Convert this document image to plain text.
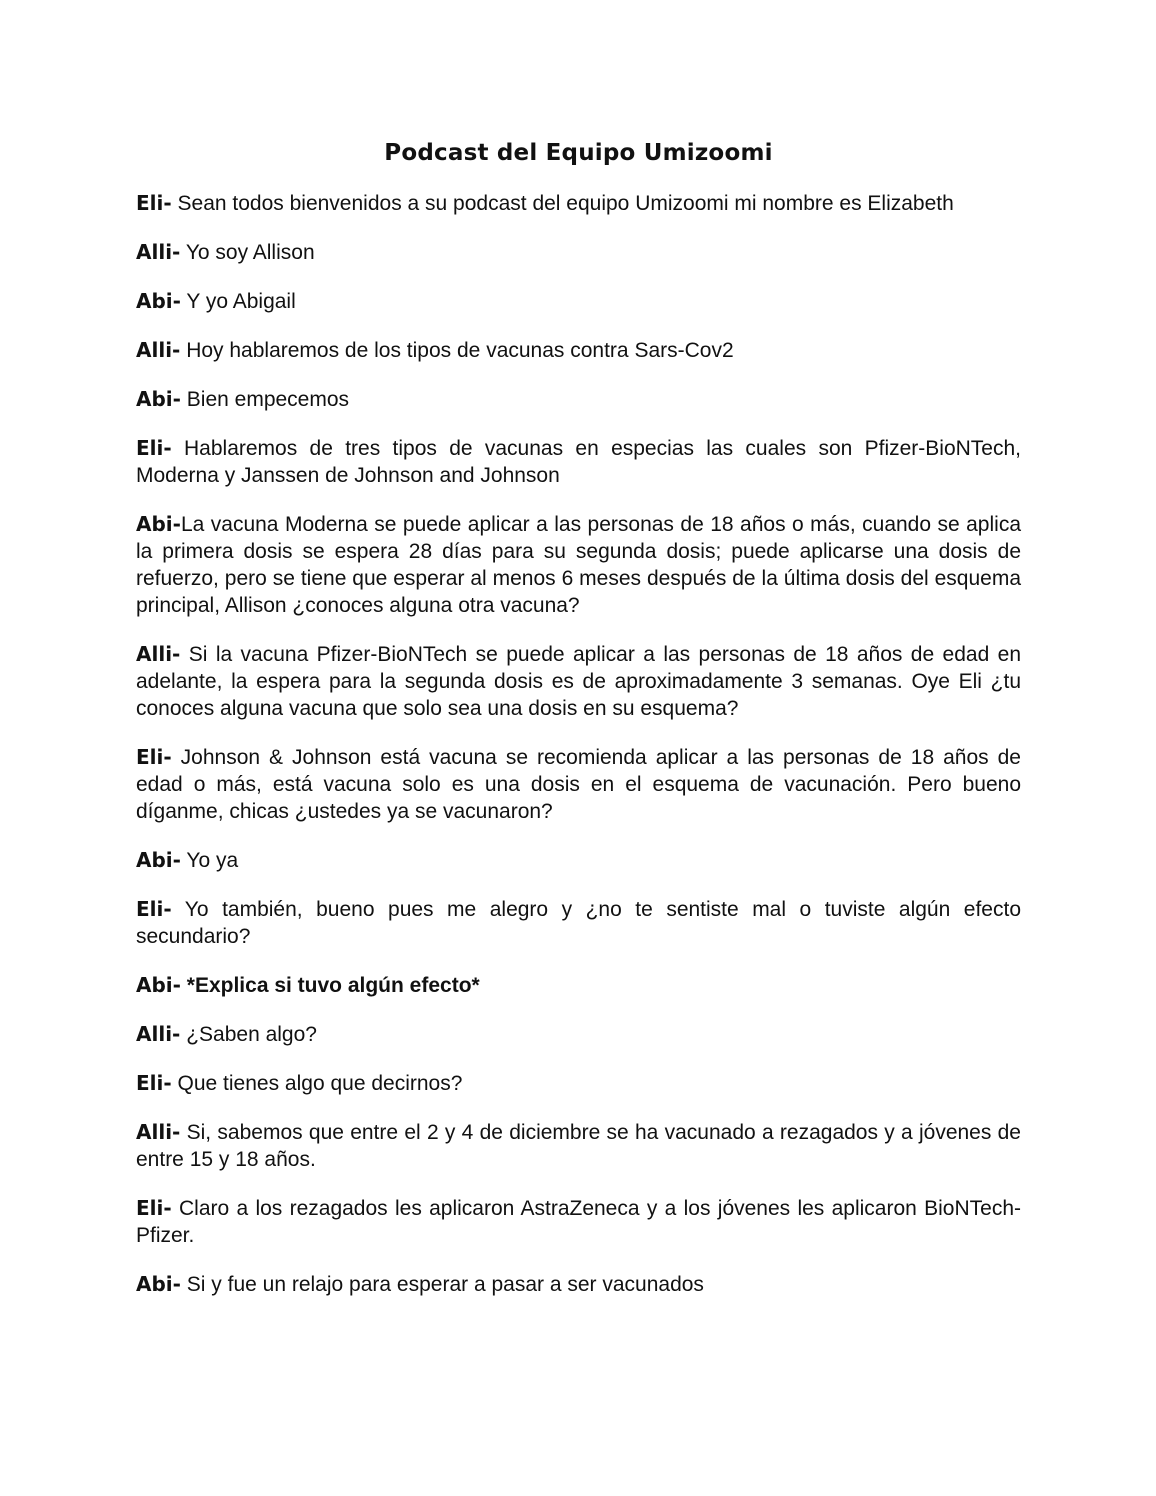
Podcast del Equipo Umizoomi

Eli- Sean todos bienvenidos a su podcast del equipo Umizoomi mi nombre es Elizabeth

Alli- Yo soy Allison

Abi- Y yo Abigail

Alli- Hoy hablaremos de los tipos de vacunas contra Sars-Cov2

Abi- Bien empecemos

Eli- Hablaremos de tres tipos de vacunas en especias las cuales son Pfizer-BioNTech, Moderna y Janssen de Johnson and Johnson

Abi-La vacuna Moderna se puede aplicar a las personas de 18 años o más, cuando se aplica la primera dosis se espera 28 días para su segunda dosis; puede aplicarse una dosis de refuerzo, pero se tiene que esperar al menos 6 meses después de la última dosis del esquema principal, Allison ¿conoces alguna otra vacuna?

Alli- Si la vacuna Pfizer-BioNTech se puede aplicar a las personas de 18 años de edad en adelante, la espera para la segunda dosis es de aproximadamente 3 semanas. Oye Eli ¿tu conoces alguna vacuna que solo sea una dosis en su esquema?

Eli- Johnson & Johnson está vacuna se recomienda aplicar a las personas de 18 años de edad o más, está vacuna solo es una dosis en el esquema de vacunación. Pero bueno díganme, chicas ¿ustedes ya se vacunaron?

Abi- Yo ya

Eli- Yo también, bueno pues me alegro y ¿no te sentiste mal o tuviste algún efecto secundario?

Abi- *Explica si tuvo algún efecto*

Alli- ¿Saben algo?

Eli- Que tienes algo que decirnos?

Alli- Si, sabemos que entre el 2 y 4 de diciembre se ha vacunado a rezagados y a jóvenes de entre 15 y 18 años.

Eli- Claro a los rezagados les aplicaron AstraZeneca y a los jóvenes les aplicaron BioNTech-Pfizer.

Abi- Si y fue un relajo para esperar a pasar a ser vacunados
